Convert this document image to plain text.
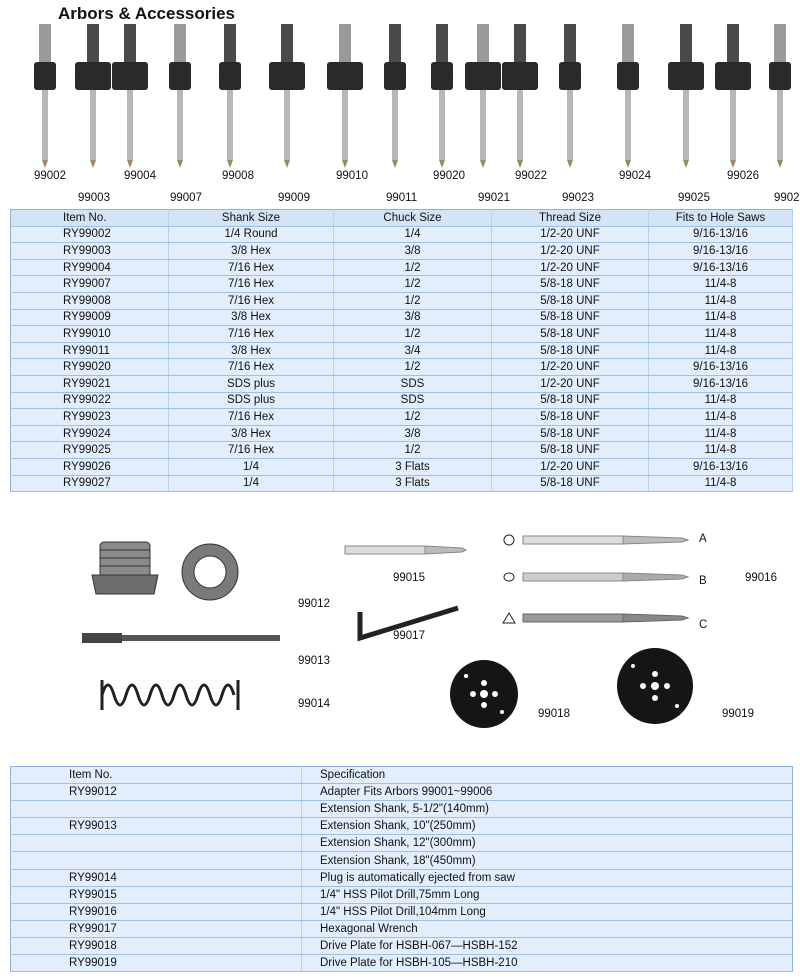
Arbors & Accessories
99002	99004	99008	99010	99020	99022	99024	99026
99003	99007	99009	99011	99021	99023	99025	9902
Item No.	Shank Size	Chuck Size	Thread Size	Fits to Hole Saws
RY99002	1/4 Round	1/4	1/2-20 UNF	9/16-13/16
RY99003	3/8 Hex	3/8	1/2-20 UNF	9/16-13/16
RY99004	7/16 Hex	1/2	1/2-20 UNF	9/16-13/16
RY99007	7/16 Hex	1/2	5/8-18 UNF	11/4-8
RY99008	7/16 Hex	1/2	5/8-18 UNF	11/4-8
RY99009	3/8 Hex	3/8	5/8-18 UNF	11/4-8
RY99010	7/16 Hex	1/2	5/8-18 UNF	11/4-8
RY99011	3/8 Hex	3/4	5/8-18 UNF	11/4-8
RY99020	7/16 Hex	1/2	1/2-20 UNF	9/16-13/16
RY99021	SDS plus	SDS	1/2-20 UNF	9/16-13/16
RY99022	SDS plus	SDS	5/8-18 UNF	11/4-8
RY99023	7/16 Hex	1/2	5/8-18 UNF	11/4-8
RY99024	3/8 Hex	3/8	5/8-18 UNF	11/4-8
RY99025	7/16 Hex	1/2	5/8-18 UNF	11/4-8
RY99026	1/4	3 Flats	1/2-20 UNF	9/16-13/16
RY99027	1/4	3 Flats	5/8-18 UNF	11/4-8
99012
99013
99014
99015	99016
99017
99018	99019
A
B
C
Item No.	Specification
RY99012	Adapter Fits Arbors 99001~99006
	Extension Shank, 5-1/2"(140mm)
RY99013	Extension Shank, 10"(250mm)
	Extension Shank, 12"(300mm)
	Extension Shank, 18"(450mm)
RY99014	Plug is automatically ejected from saw
RY99015	1/4" HSS Pilot Drill,75mm Long
RY99016	1/4" HSS Pilot Drill,104mm Long
RY99017	Hexagonal Wrench
RY99018	Drive Plate for HSBH-067—HSBH-152
RY99019	Drive Plate for HSBH-105—HSBH-210
